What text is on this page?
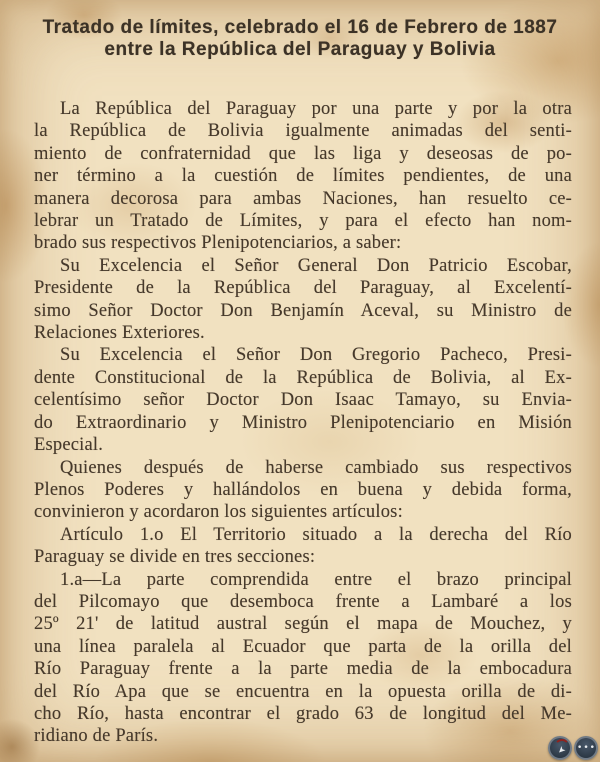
Tratado de límites, celebrado el 16 de Febrero de 1887
entre la República del Paraguay y Bolivia
La República del Paraguay por una parte y por la otra
la República de Bolivia igualmente animadas del senti-
miento de confraternidad que las liga y deseosas de po-
ner término a la cuestión de límites pendientes, de una
manera decorosa para ambas Naciones, han resuelto ce-
lebrar un Tratado de Límites, y para el efecto han nom-
brado sus respectivos Plenipotenciarios, a saber:
Su Excelencia el Señor General Don Patricio Escobar,
Presidente de la República del Paraguay, al Excelentí-
simo Señor Doctor Don Benjamín Aceval, su Ministro de
Relaciones Exteriores.
Su Excelencia el Señor Don Gregorio Pacheco, Presi-
dente Constitucional de la República de Bolivia, al Ex-
celentísimo señor Doctor Don Isaac Tamayo, su Envia-
do Extraordinario y Ministro Plenipotenciario en Misión
Especial.
Quienes después de haberse cambiado sus respectivos
Plenos Poderes y hallándolos en buena y debida forma,
convinieron y acordaron los siguientes artículos:
Artículo 1.o El Territorio situado a la derecha del Río
Paraguay se divide en tres secciones:
1.a—La parte comprendida entre el brazo principal
del Pilcomayo que desemboca frente a Lambaré a los
25º 21' de latitud austral según el mapa de Mouchez, y
una línea paralela al Ecuador que parta de la orilla del
Río Paraguay frente a la parte media de la embocadura
del Río Apa que se encuentra en la opuesta orilla de di-
cho Río, hasta encontrar el grado 63 de longitud del Me-
ridiano de París.
➤ •••
